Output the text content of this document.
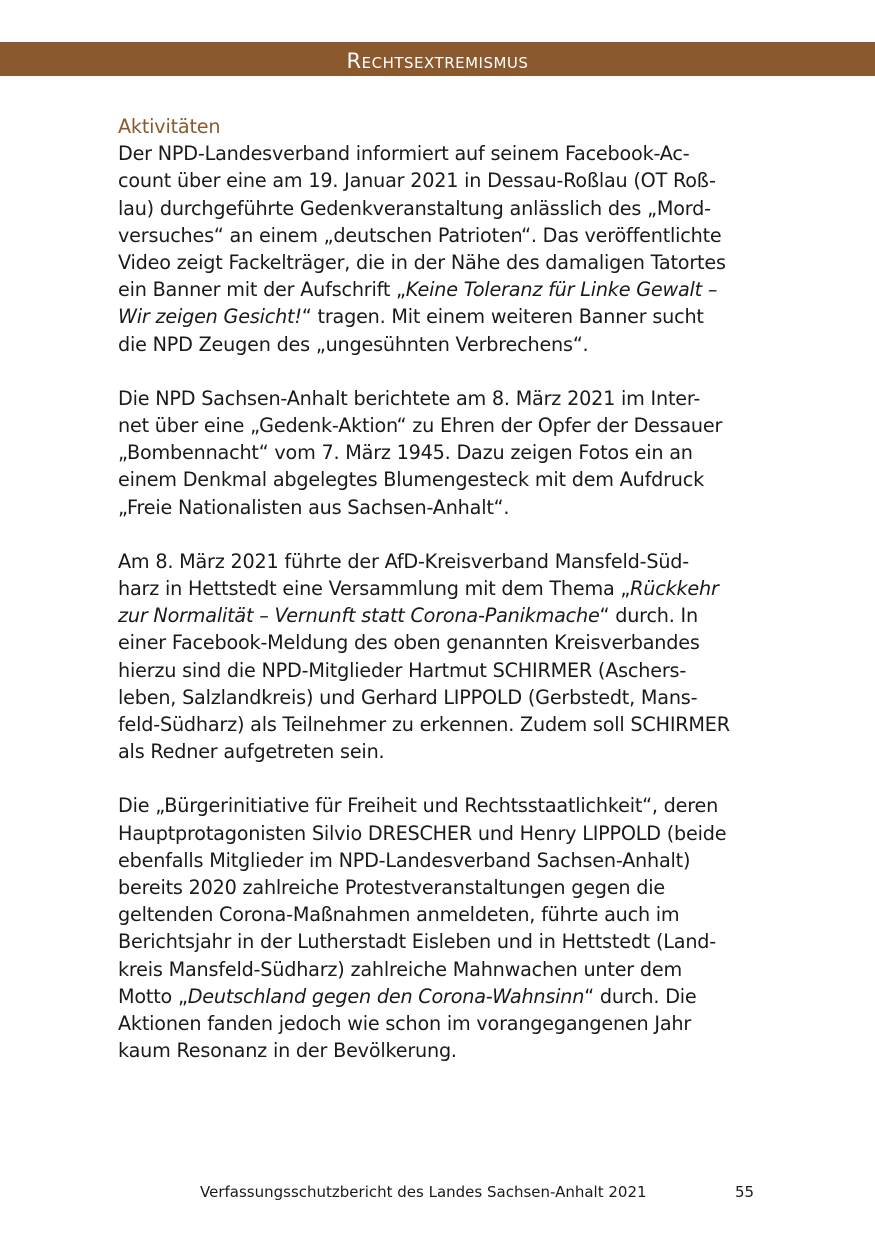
Rechtsextremismus

Aktivitäten

Der NPD-Landesverband informiert auf seinem Facebook-Ac-
count über eine am 19. Januar 2021 in Dessau-Roßlau (OT Roß-
lau) durchgeführte Gedenkveranstaltung anlässlich des „Mord-
versuches“ an einem „deutschen Patrioten“. Das veröffentlichte
Video zeigt Fackelträger, die in der Nähe des damaligen Tatortes
ein Banner mit der Aufschrift „Keine Toleranz für Linke Gewalt –
Wir zeigen Gesicht!“ tragen. Mit einem weiteren Banner sucht
die NPD Zeugen des „ungesühnten Verbrechens“.

Die NPD Sachsen-Anhalt berichtete am 8. März 2021 im Inter-
net über eine „Gedenk-Aktion“ zu Ehren der Opfer der Dessauer
„Bombennacht“ vom 7. März 1945. Dazu zeigen Fotos ein an
einem Denkmal abgelegtes Blumengesteck mit dem Aufdruck
„Freie Nationalisten aus Sachsen-Anhalt“.

Am 8. März 2021 führte der AfD-Kreisverband Mansfeld-Süd-
harz in Hettstedt eine Versammlung mit dem Thema „Rückkehr
zur Normalität – Vernunft statt Corona-Panikmache“ durch. In
einer Facebook-Meldung des oben genannten Kreisverbandes
hierzu sind die NPD-Mitglieder Hartmut SCHIRMER (Aschers-
leben, Salzlandkreis) und Gerhard LIPPOLD (Gerbstedt, Mans-
feld-Südharz) als Teilnehmer zu erkennen. Zudem soll SCHIRMER
als Redner aufgetreten sein.

Die „Bürgerinitiative für Freiheit und Rechtsstaatlichkeit“, deren
Hauptprotagonisten Silvio DRESCHER und Henry LIPPOLD (beide
ebenfalls Mitglieder im NPD-Landesverband Sachsen-Anhalt)
bereits 2020 zahlreiche Protestveranstaltungen gegen die
geltenden Corona-Maßnahmen anmeldeten, führte auch im
Berichtsjahr in der Lutherstadt Eisleben und in Hettstedt (Land-
kreis Mansfeld-Südharz) zahlreiche Mahnwachen unter dem
Motto „Deutschland gegen den Corona-Wahnsinn“ durch. Die
Aktionen fanden jedoch wie schon im vorangegangenen Jahr
kaum Resonanz in der Bevölkerung.

Verfassungsschutzbericht des Landes Sachsen-Anhalt 2021	55
